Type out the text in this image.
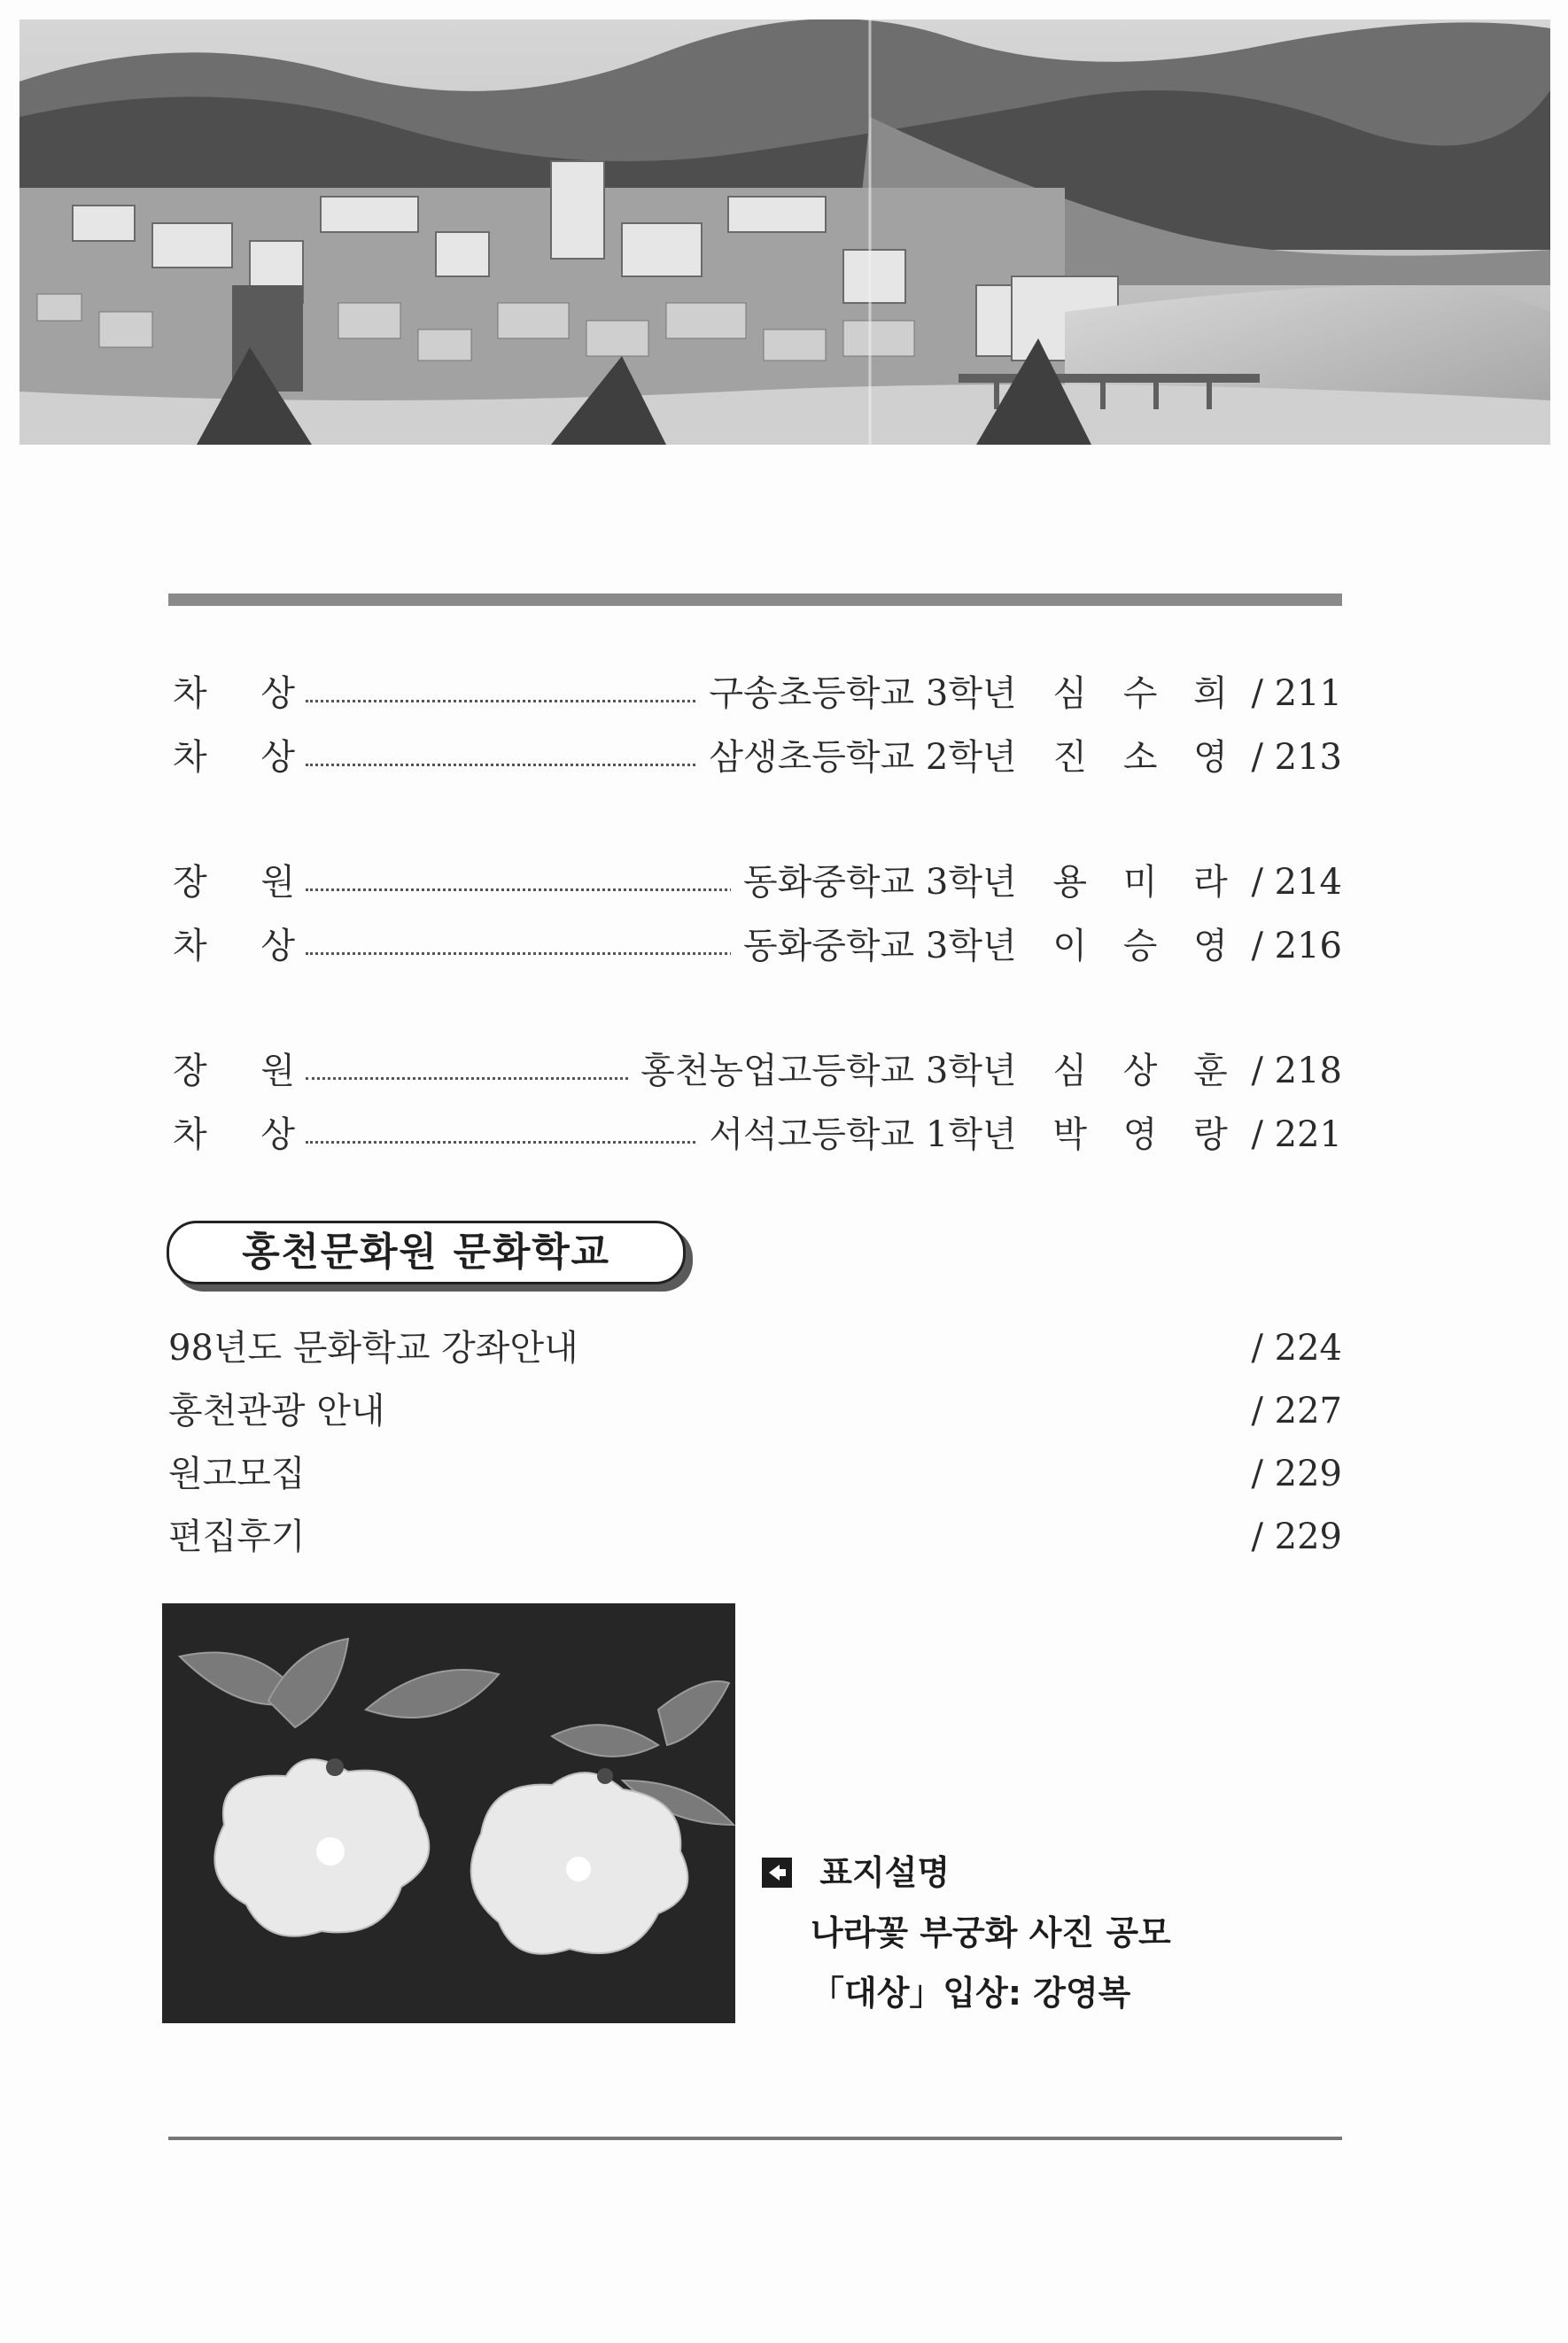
차 상	구송초등학교 3학년 심 수 희 / 211
차 상	삼생초등학교 2학년 진 소 영 / 213
장 원	동화중학교 3학년 용 미 라 / 214
차 상	동화중학교 3학년 이 승 영 / 216
장 원	홍천농업고등학교 3학년 심 상 훈 / 218
차 상	서석고등학교 1학년 박 영 랑 / 221
홍천문화원 문화학교
98년도 문화학교 강좌안내	/ 224
홍천관광 안내	/ 227
원고모집	/ 229
편집후기	/ 229
표지설명
나라꽃 부궁화 사진 공모
「대상」입상: 강영복
